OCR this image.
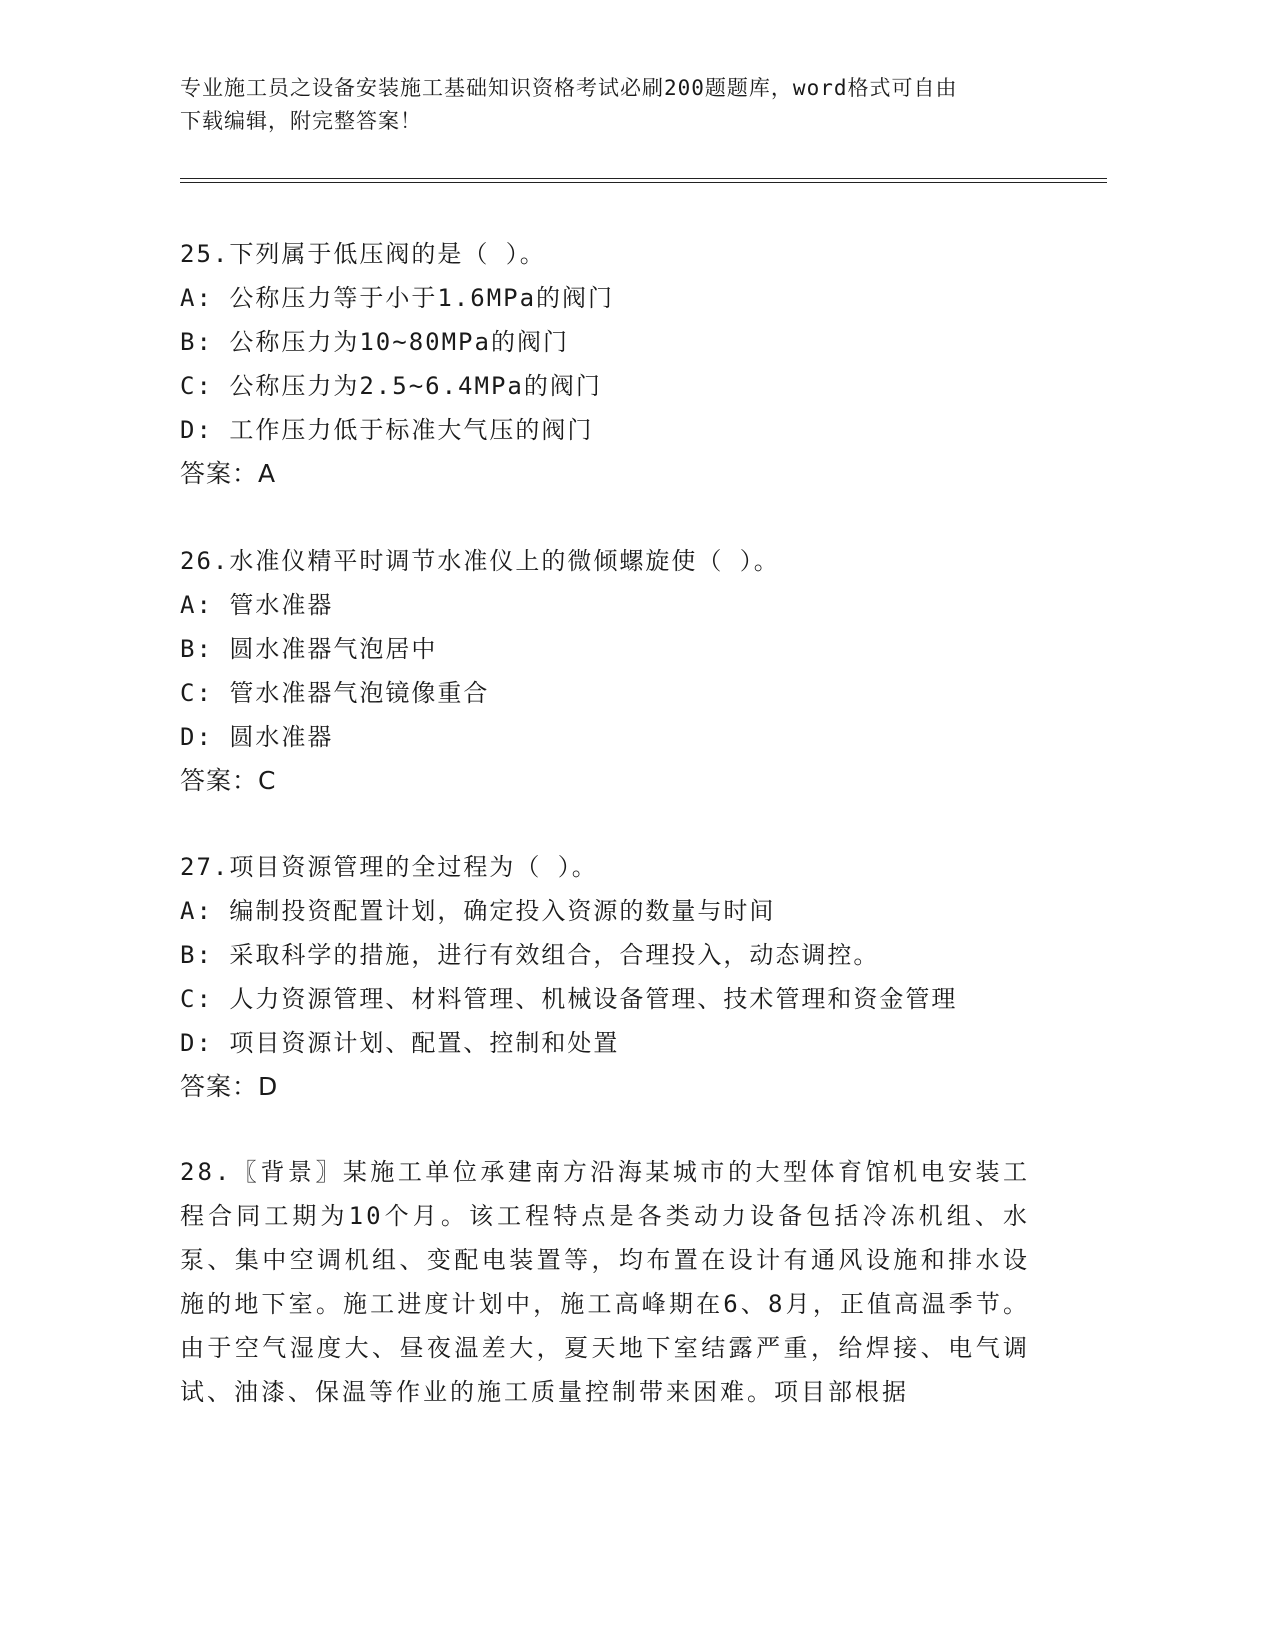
专业施工员之设备安装施工基础知识资格考试必刷200题题库，word格式可自由
下载编辑，附完整答案！
25.下列属于低压阀的是（ ）。
A: 公称压力等于小于1.6MPa的阀门
B: 公称压力为10~80MPa的阀门
C: 公称压力为2.5~6.4MPa的阀门
D: 工作压力低于标准大气压的阀门
答案：A
26.水准仪精平时调节水准仪上的微倾螺旋使（ ）。
A: 管水准器
B: 圆水准器气泡居中
C: 管水准器气泡镜像重合
D: 圆水准器
答案：C
27.项目资源管理的全过程为（ ）。
A: 编制投资配置计划，确定投入资源的数量与时间
B: 采取科学的措施，进行有效组合，合理投入，动态调控。
C: 人力资源管理、材料管理、机械设备管理、技术管理和资金管理
D: 项目资源计划、配置、控制和处置
答案：D
28.〖背景〗某施工单位承建南方沿海某城市的大型体育馆机电安装工程合同工期为10个月。该工程特点是各类动力设备包括冷冻机组、水泵、集中空调机组、变配电装置等，均布置在设计有通风设施和排水设施的地下室。施工进度计划中，施工高峰期在6、8月，正值高温季节。由于空气湿度大、昼夜温差大，夏天地下室结露严重，给焊接、电气调试、油漆、保温等作业的施工质量控制带来困难。项目部根据
